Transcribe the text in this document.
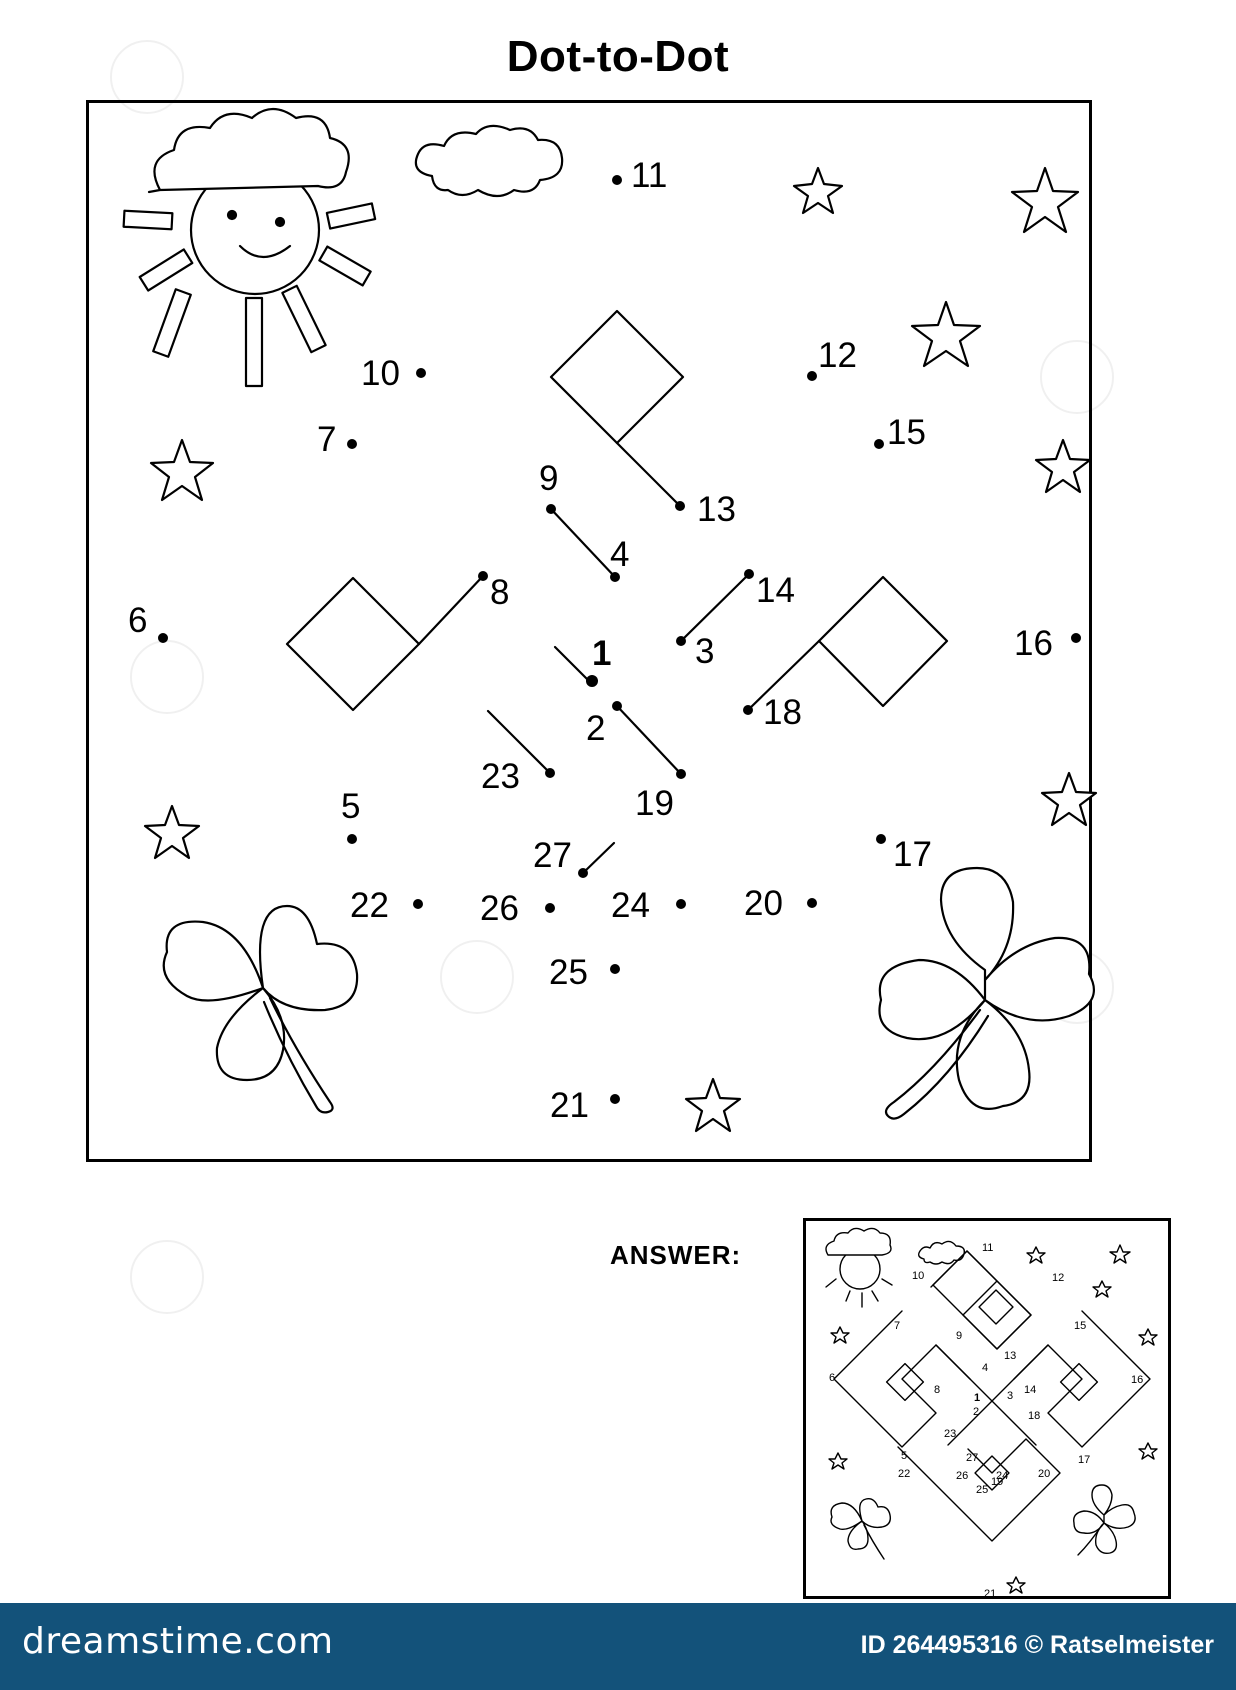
Dot-to-Dot
1
2
3
4
5
6
7
8
9
10
11
12
13
14
15
16
17
18
19
20
21
22
23
24
25
26
27
ANSWER:
1
2
3
4
5
6
7
8
9
10
11
12
13
14
15
16
17
18
19
20
21
22
23
24
25
26
27
dreamstime.com	ID 264495316 © Ratselmeister
